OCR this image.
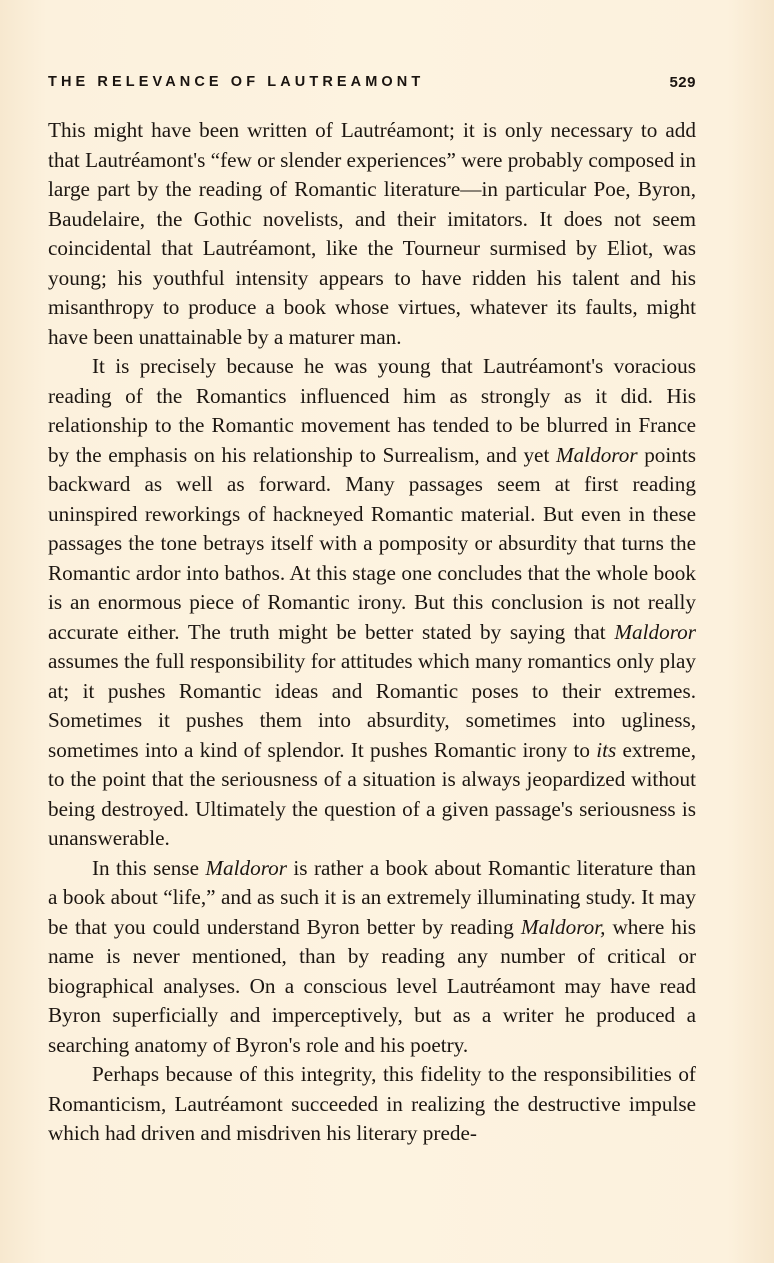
THE RELEVANCE OF LAUTREAMONT	529

This might have been written of Lautréamont; it is only necessary to add that Lautréamont's “few or slender experiences” were probably composed in large part by the reading of Romantic literature—in particular Poe, Byron, Baudelaire, the Gothic novelists, and their imitators. It does not seem coincidental that Lautréamont, like the Tourneur surmised by Eliot, was young; his youthful intensity appears to have ridden his talent and his misanthropy to produce a book whose virtues, whatever its faults, might have been unattainable by a maturer man.

It is precisely because he was young that Lautréamont's voracious reading of the Romantics influenced him as strongly as it did. His relationship to the Romantic movement has tended to be blurred in France by the emphasis on his relationship to Surrealism, and yet Maldoror points backward as well as forward. Many passages seem at first reading uninspired reworkings of hackneyed Romantic material. But even in these passages the tone betrays itself with a pomposity or absurdity that turns the Romantic ardor into bathos. At this stage one concludes that the whole book is an enormous piece of Romantic irony. But this conclusion is not really accurate either. The truth might be better stated by saying that Maldoror assumes the full responsibility for attitudes which many romantics only play at; it pushes Romantic ideas and Romantic poses to their extremes. Sometimes it pushes them into absurdity, sometimes into ugliness, sometimes into a kind of splendor. It pushes Romantic irony to its extreme, to the point that the seriousness of a situation is always jeopardized without being destroyed. Ultimately the question of a given passage's seriousness is unanswerable.

In this sense Maldoror is rather a book about Romantic literature than a book about “life,” and as such it is an extremely illuminating study. It may be that you could understand Byron better by reading Maldoror, where his name is never mentioned, than by reading any number of critical or biographical analyses. On a conscious level Lautréamont may have read Byron superficially and imperceptively, but as a writer he produced a searching anatomy of Byron's role and his poetry.

Perhaps because of this integrity, this fidelity to the responsibilities of Romanticism, Lautréamont succeeded in realizing the destructive impulse which had driven and misdriven his literary prede-
